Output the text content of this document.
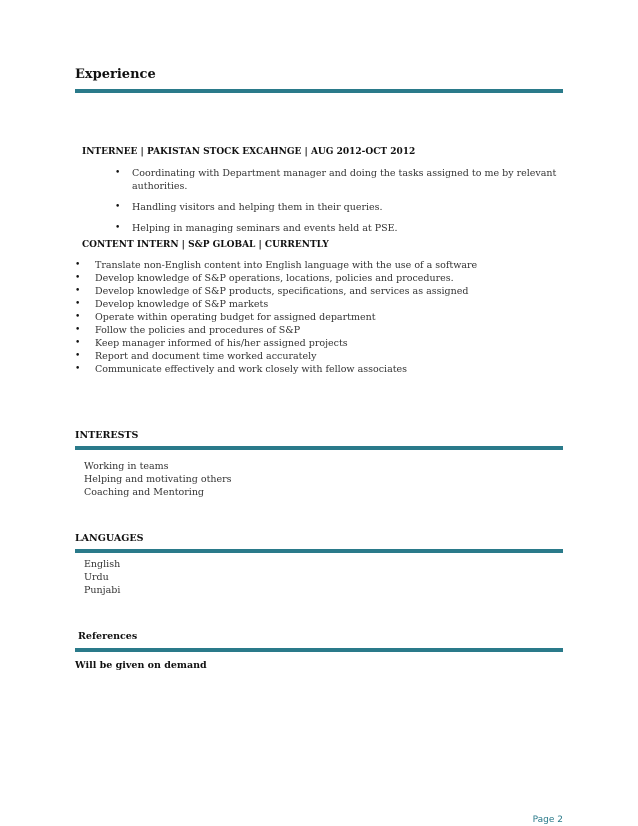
Experience
INTERNEE | PAKISTAN STOCK EXCAHNGE | AUG 2012-OCT 2012
• Coordinating with Department manager and doing the tasks assigned to me by relevant
authorities.
• Handling visitors and helping them in their queries.
• Helping in managing seminars and events held at PSE.
CONTENT INTERN | S&P GLOBAL | CURRENTLY
• Translate non-English content into English language with the use of a software
• Develop knowledge of S&P operations, locations, policies and procedures.
• Develop knowledge of S&P products, specifications, and services as assigned
• Develop knowledge of S&P markets
• Operate within operating budget for assigned department
• Follow the policies and procedures of S&P
• Keep manager informed of his/her assigned projects
• Report and document time worked accurately
• Communicate effectively and work closely with fellow associates
INTERESTS
Working in teams
Helping and motivating others
Coaching and Mentoring
LANGUAGES
English
Urdu
Punjabi
References
Will be given on demand
Page 2
